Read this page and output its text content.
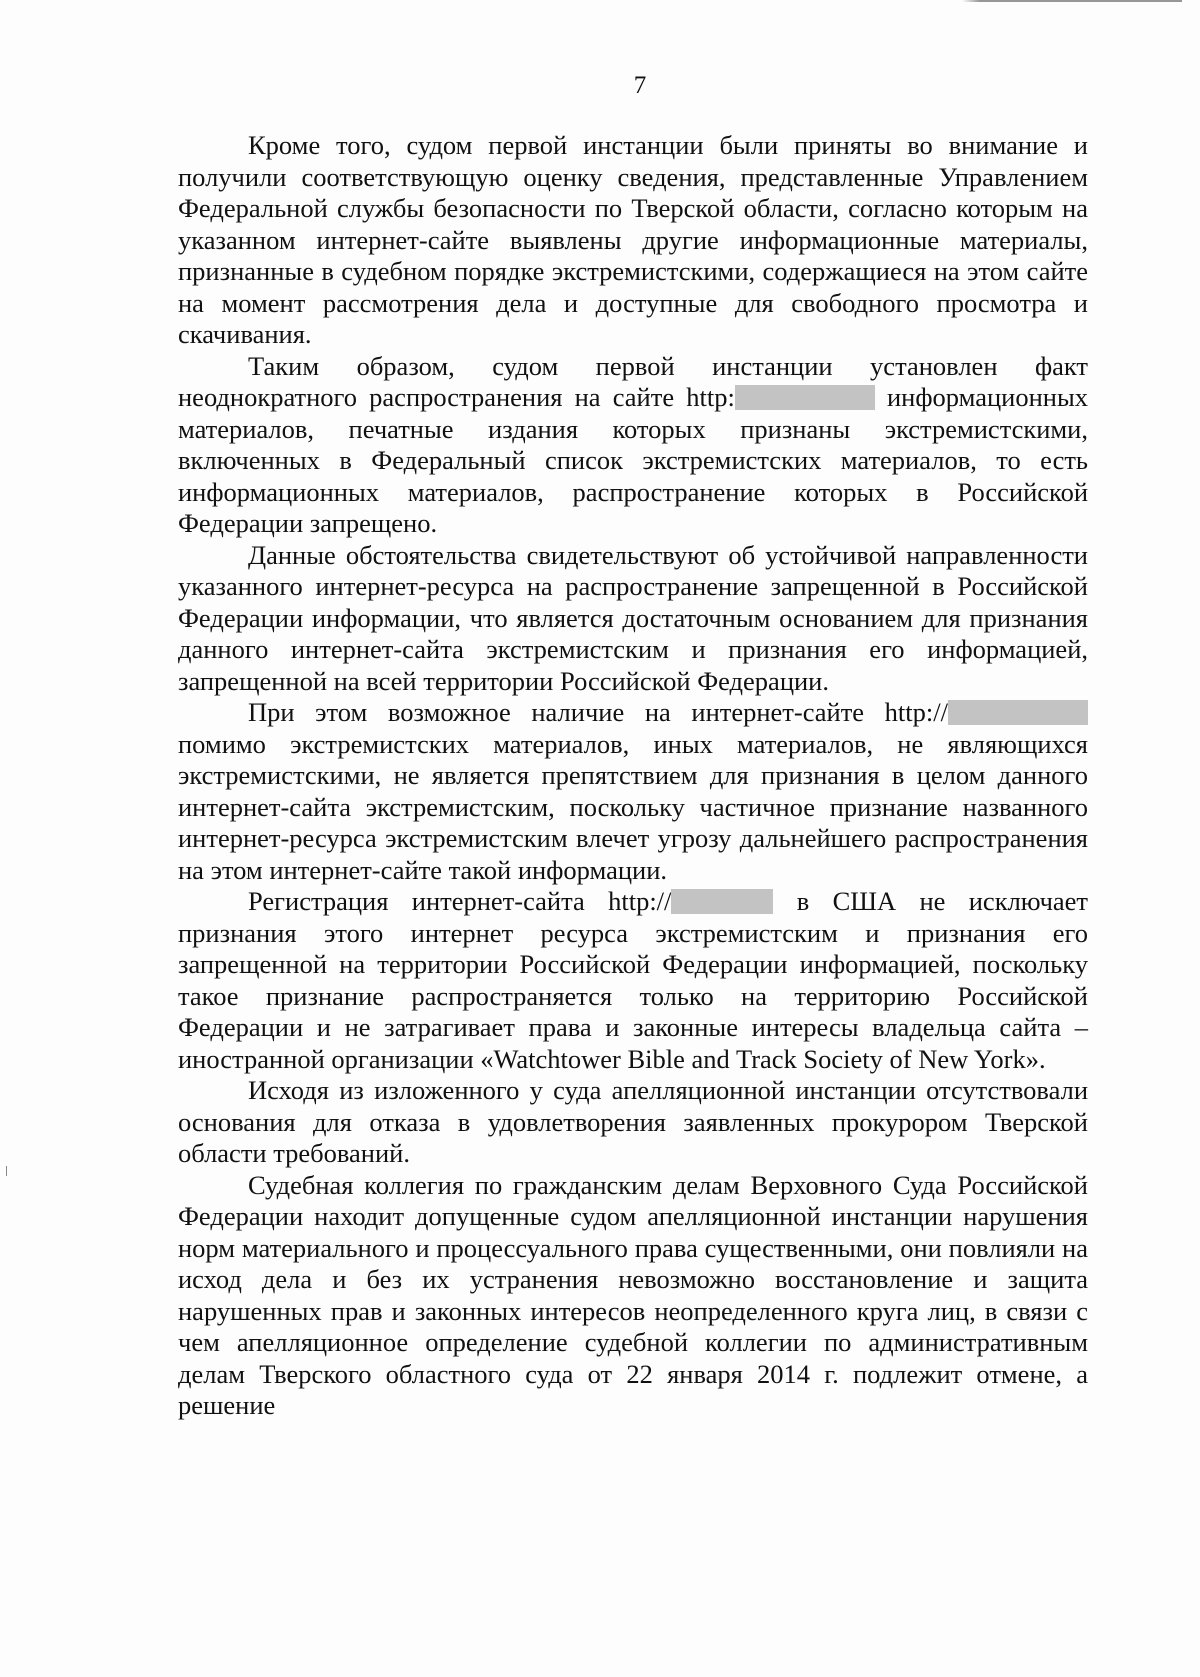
7

Кроме того, судом первой инстанции были приняты во внимание и получили соответствующую оценку сведения, представленные Управлением Федеральной службы безопасности по Тверской области, согласно которым на указанном интернет-сайте выявлены другие информационные материалы, признанные в судебном порядке экстремистскими, содержащиеся на этом сайте на момент рассмотрения дела и доступные для свободного просмотра и скачивания.

Таким образом, судом первой инстанции установлен факт неоднократного распространения на сайте http:	информационных материалов, печатные издания которых признаны экстремистскими, включенных в Федеральный список экстремистских материалов, то есть информационных материалов, распространение которых в Российской Федерации запрещено.

Данные обстоятельства свидетельствуют об устойчивой направленности указанного интернет-ресурса на распространение запрещенной в Российской Федерации информации, что является достаточным основанием для признания данного интернет-сайта экстремистским и признания его информацией, запрещенной на всей территории Российской Федерации.

При этом возможное наличие на интернет-сайте http:// помимо экстремистских материалов, иных материалов, не являющихся экстремистскими, не является препятствием для признания в целом данного интернет-сайта экстремистским, поскольку частичное признание названного интернет-ресурса экстремистским влечет угрозу дальнейшего распространения на этом интернет-сайте такой информации.

Регистрация интернет-сайта http://	в США не исключает признания этого интернет ресурса экстремистским и признания его запрещенной на территории Российской Федерации информацией, поскольку такое признание распространяется только на территорию Российской Федерации и не затрагивает права и законные интересы владельца сайта – иностранной организации «Watchtower Bible and Track Society of New York».

Исходя из изложенного у суда апелляционной инстанции отсутствовали основания для отказа в удовлетворения заявленных прокурором Тверской области требований.

Судебная коллегия по гражданским делам Верховного Суда Российской Федерации находит допущенные судом апелляционной инстанции нарушения норм материального и процессуального права существенными, они повлияли на исход дела и без их устранения невозможно восстановление и защита нарушенных прав и законных интересов неопределенного круга лиц, в связи с чем апелляционное определение судебной коллегии по административным делам Тверского областного суда от 22 января 2014 г. подлежит отмене, а решение
